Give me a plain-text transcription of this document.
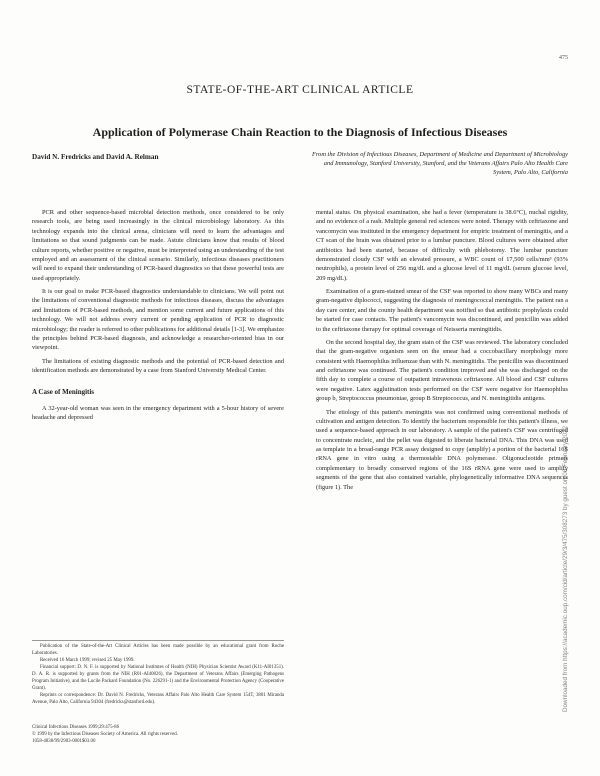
475
Downloaded from https://academic.oup.com/cid/article/29/3/475/308273 by guest on 06 February 2022
STATE-OF-THE-ART CLINICAL ARTICLE
Application of Polymerase Chain Reaction to the Diagnosis of Infectious Diseases
David N. Fredricks and David A. Relman	From the Division of Infectious Diseases, Department of Medicine and Department of Microbiology and Immunology, Stanford University, Stanford, and the Veterans Affairs Palo Alto Health Care System, Palo Alto, California

PCR and other sequence-based microbial detection methods, once considered to be only research tools, are being used increasingly in the clinical microbiology laboratory. As this technology expands into the clinical arena, clinicians will need to learn the advantages and limitations so that sound judgments can be made. Astute clinicians know that results of blood culture reports, whether positive or negative, must be interpreted using an understanding of the test employed and an assessment of the clinical scenario. Similarly, infectious diseases practitioners will need to expand their understanding of PCR-based diagnostics so that these powerful tests are used appropriately.

It is our goal to make PCR-based diagnostics understandable to clinicians. We will point out the limitations of conventional diagnostic methods for infectious diseases, discuss the advantages and limitations of PCR-based methods, and mention some current and future applications of this technology. We will not address every current or pending application of PCR to diagnostic microbiology; the reader is referred to other publications for additional details [1-3]. We emphasize the principles behind PCR-based diagnosis, and acknowledge a researcher-oriented bias in our viewpoint.

The limitations of existing diagnostic methods and the potential of PCR-based detection and identification methods are demonstrated by a case from Stanford University Medical Center.

A Case of Meningitis

A 32-year-old woman was seen in the emergency department with a 5-hour history of severe headache and depressed

mental status. On physical examination, she had a fever (temperature is 38.6°C), nuchal rigidity, and no evidence of a rash. Multiple general red sciences were noted. Therapy with ceftriaxone and vancomycin was instituted in the emergency department for empiric treatment of meningitis, and a CT scan of the brain was obtained prior to a lumbar puncture. Blood cultures were obtained after antibiotics had been started, because of difficulty with phlebotomy. The lumbar puncture demonstrated cloudy CSF with an elevated pressure, a WBC count of 17,500 cells/mm³ (93% neutrophils), a protein level of 256 mg/dL and a glucose level of 11 mg/dL (serum glucose level, 209 mg/dL).

Examination of a gram-stained smear of the CSF was reported to show many WBCs and many gram-negative diplococci, suggesting the diagnosis of meningococcal meningitis. The patient ran a day care center, and the county health department was notified so that antibiotic prophylaxis could be started for case contacts. The patient's vancomycin was discontinued, and penicillin was added to the ceftriaxone therapy for optimal coverage of Neisseria meningitidis.

On the second hospital day, the gram stain of the CSF was reviewed. The laboratory concluded that the gram-negative organism seen on the smear had a coccobacillary morphology more consistent with Haemophilus influenzae than with N. meningitidis. The penicillin was discontinued and ceftriaxone was continued. The patient's condition improved and she was discharged on the fifth day to complete a course of outpatient intravenous ceftriaxone. All blood and CSF cultures were negative. Latex agglutination tests performed on the CSF were negative for Haemophilus group b, Streptococcus pneumoniae, group B Streptococcus, and N. meningitidis antigens.

The etiology of this patient's meningitis was not confirmed using conventional methods of cultivation and antigen detection. To identify the bacterium responsible for this patient's illness, we used a sequence-based approach in our laboratory. A sample of the patient's CSF was centrifuged to concentrate nucleic, and the pellet was digested to liberate bacterial DNA. This DNA was used as template in a broad-range PCR assay designed to copy (amplify) a portion of the bacterial 16S rRNA gene in vitro using a thermostable DNA polymerase. Oligonucleotide primers complementary to broadly conserved regions of the 16S rRNA gene were used to amplify segments of the gene that also contained variable, phylogenetically informative DNA sequences (figure 1). The

Publication of the State-of-the-Art Clinical Articles has been made possible by an educational grant from Roche Laboratories.

Received 16 March 1999; revised 25 May 1999.

Financial support: D. N. F. is supported by National Institutes of Health (NIH) Physician Scientist Award (K11-AI01351). D. A. R. is supported by grants from the NIH (R01-AI40826), the Department of Veterans Affairs (Emerging Pathogens Program Initiative), and the Lucile Packard Foundation (No. 226291-1) and the Environmental Protection Agency (Cooperative Grant).

Reprints or correspondence: Dr. David N. Fredricks, Veterans Affairs Palo Alto Health Care System 154T, 3801 Miranda Avenue, Palo Alto, California 94304 (fredricks@stanford.edu).

Clinical Infectious Diseases 1999;29:475-86
© 1999 by the Infectious Diseases Society of America. All rights reserved.
1058-4838/99/2903-0001$03.00
